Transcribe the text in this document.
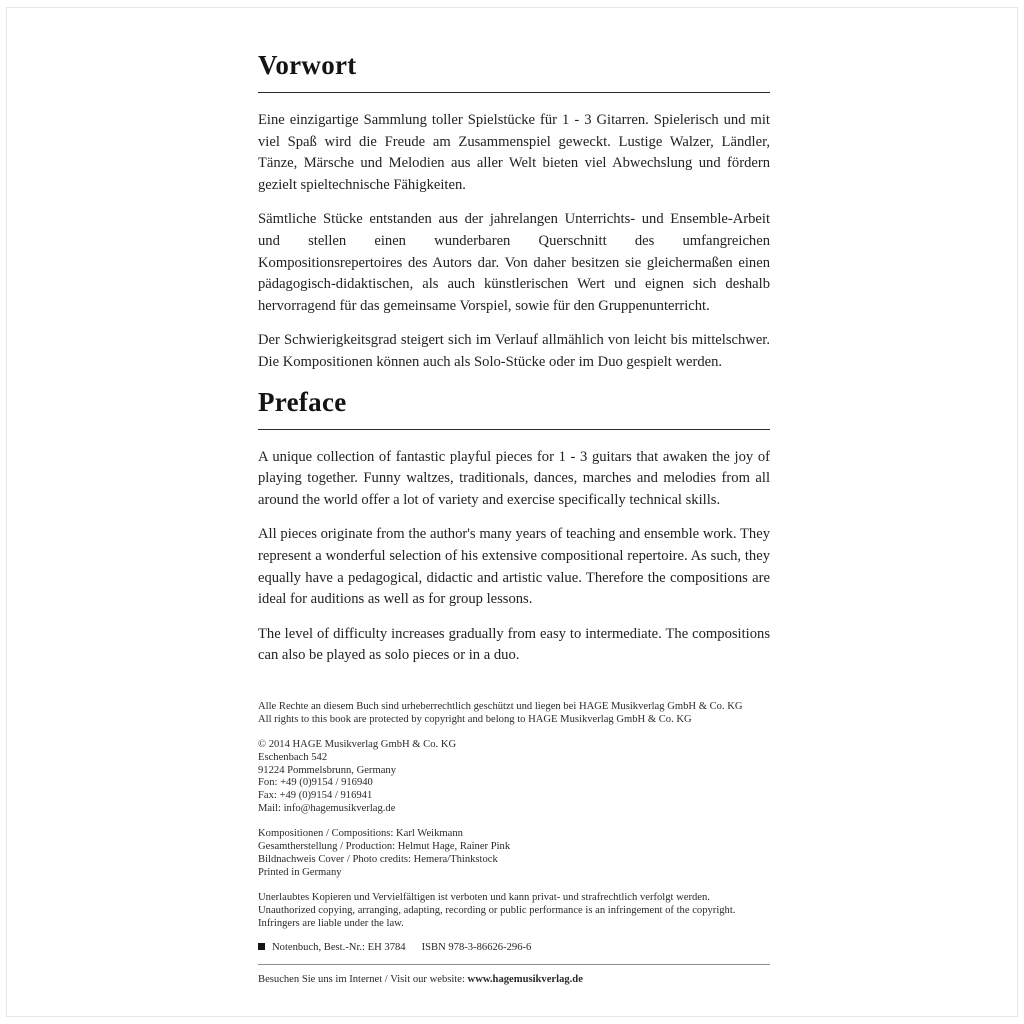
Vorwort

Eine einzigartige Sammlung toller Spielstücke für 1 - 3 Gitarren. Spielerisch und mit viel Spaß wird die Freude am Zusammenspiel geweckt. Lustige Walzer, Ländler, Tänze, Märsche und Melodien aus aller Welt bieten viel Abwechslung und fördern gezielt spieltechnische Fähigkeiten.

Sämtliche Stücke entstanden aus der jahrelangen Unterrichts- und Ensemble-Arbeit und stellen einen wunderbaren Querschnitt des umfangreichen Kompositionsrepertoires des Autors dar. Von daher besitzen sie gleichermaßen einen pädagogisch-didaktischen, als auch künstlerischen Wert und eignen sich deshalb hervorragend für das gemeinsame Vorspiel, sowie für den Gruppenunterricht.

Der Schwierigkeitsgrad steigert sich im Verlauf allmählich von leicht bis mittelschwer. Die Kompositionen können auch als Solo-Stücke oder im Duo gespielt werden.

Preface

A unique collection of fantastic playful pieces for 1 - 3 guitars that awaken the joy of playing together. Funny waltzes, traditionals, dances, marches and melodies from all around the world offer a lot of variety and exercise specifically technical skills.

All pieces originate from the author's many years of teaching and ensemble work. They represent a wonderful selection of his extensive compositional repertoire. As such, they equally have a pedagogical, didactic and artistic value. Therefore the compositions are ideal for auditions as well as for group lessons.

The level of difficulty increases gradually from easy to intermediate. The compositions can also be played as solo pieces or in a duo.

Alle Rechte an diesem Buch sind urheberrechtlich geschützt und liegen bei HAGE Musikverlag GmbH & Co. KG
All rights to this book are protected by copyright and belong to HAGE Musikverlag GmbH & Co. KG
© 2014 HAGE Musikverlag GmbH & Co. KG
Eschenbach 542
91224 Pommelsbrunn, Germany
Fon: +49 (0)9154 / 916940
Fax: +49 (0)9154 / 916941
Mail: info@hagemusikverlag.de
Kompositionen / Compositions: Karl Weikmann
Gesamtherstellung / Production: Helmut Hage, Rainer Pink
Bildnachweis Cover / Photo credits: Hemera/Thinkstock
Printed in Germany
Unerlaubtes Kopieren und Vervielfältigen ist verboten und kann privat- und strafrechtlich verfolgt werden.
Unauthorized copying, arranging, adapting, recording or public performance is an infringement of the copyright.
Infringers are liable under the law.
Notenbuch, Best.-Nr.: EH 3784 ISBN 978-3-86626-296-6
Besuchen Sie uns im Internet / Visit our website: www.hagemusikverlag.de
